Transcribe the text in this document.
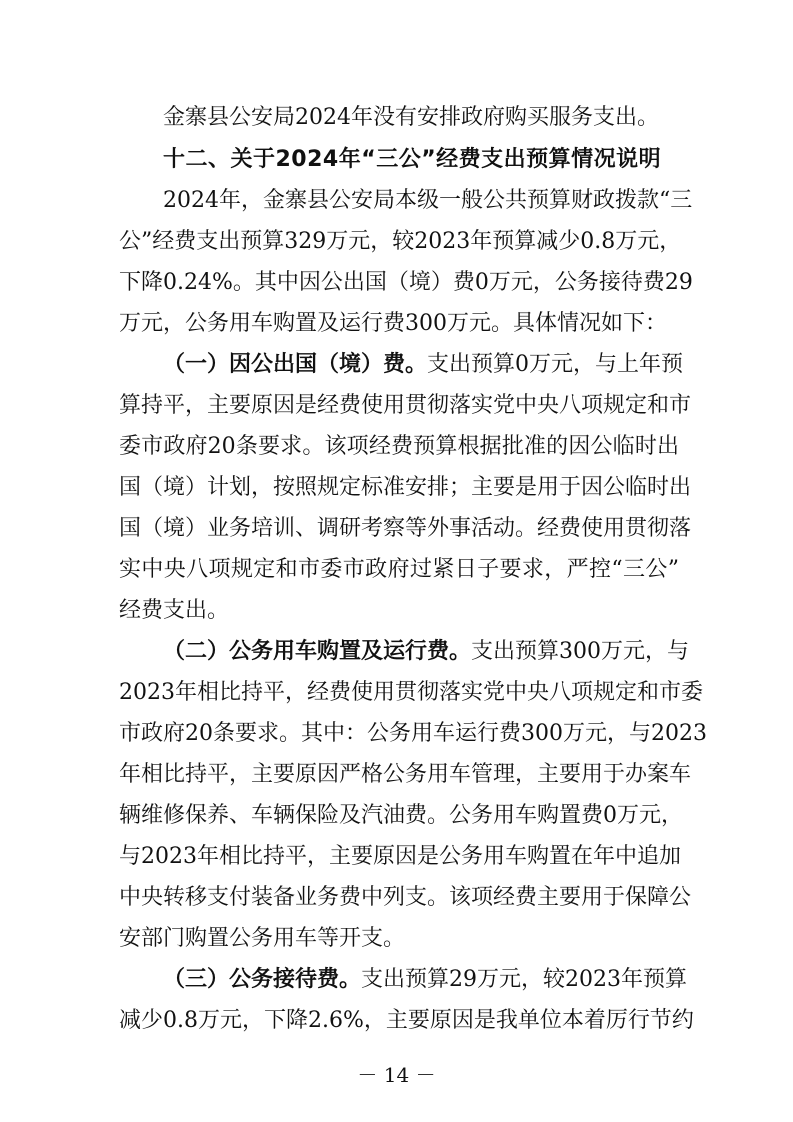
金寨县公安局2024年没有安排政府购买服务支出。
十二、关于2024年“三公”经费支出预算情况说明
2024年，金寨县公安局本级一般公共预算财政拨款“三
公”经费支出预算329万元，较2023年预算减少0.8万元，
下降0.24%。其中因公出国（境）费0万元，公务接待费29
万元，公务用车购置及运行费300万元。具体情况如下：
（一）因公出国（境）费。支出预算0万元，与上年预
算持平，主要原因是经费使用贯彻落实党中央八项规定和市
委市政府20条要求。该项经费预算根据批准的因公临时出
国（境）计划，按照规定标准安排；主要是用于因公临时出
国（境）业务培训、调研考察等外事活动。经费使用贯彻落
实中央八项规定和市委市政府过紧日子要求，严控“三公”
经费支出。
（二）公务用车购置及运行费。支出预算300万元，与
2023年相比持平，经费使用贯彻落实党中央八项规定和市委
市政府20条要求。其中：公务用车运行费300万元，与2023
年相比持平，主要原因严格公务用车管理，主要用于办案车
辆维修保养、车辆保险及汽油费。公务用车购置费0万元，
与2023年相比持平，主要原因是公务用车购置在年中追加
中央转移支付装备业务费中列支。该项经费主要用于保障公
安部门购置公务用车等开支。
（三）公务接待费。支出预算29万元，较2023年预算
减少0.8万元，下降2.6%，主要原因是我单位本着厉行节约
－ 14 －
